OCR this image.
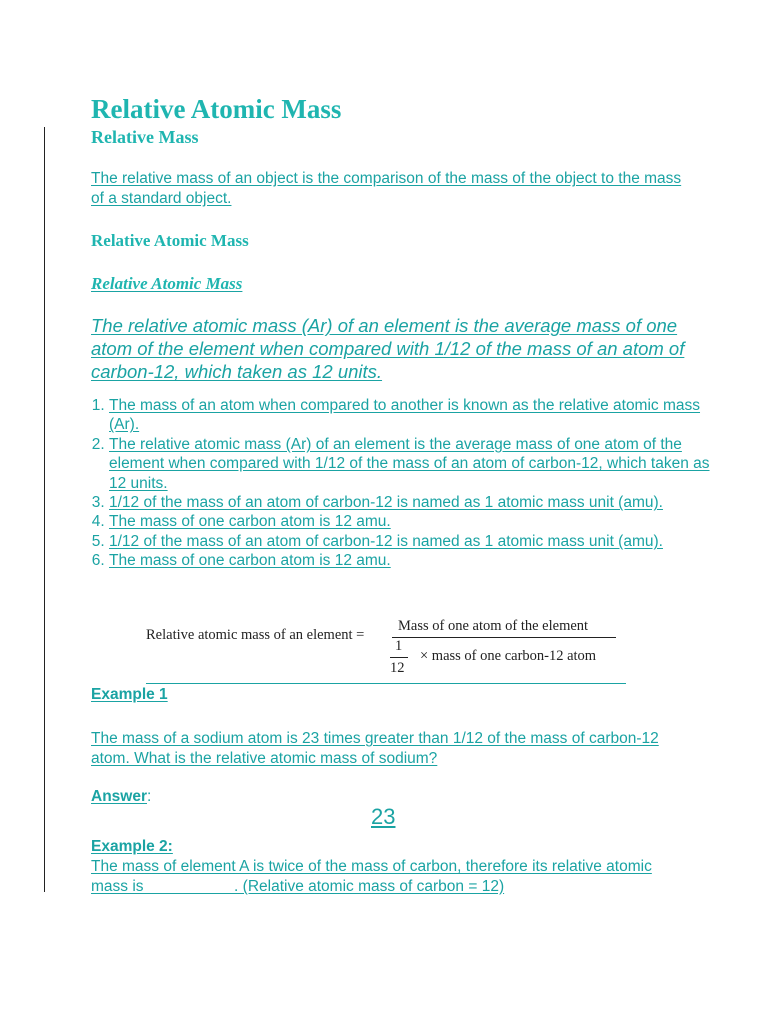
Relative Atomic Mass
Relative Mass
The relative mass of an object is the comparison of the mass of the object to the mass of a standard object.
Relative Atomic Mass
Relative Atomic Mass
The relative atomic mass (Ar) of an element is the average mass of one atom of the element when compared with 1/12 of the mass of an atom of carbon-12, which taken as 12 units.
1. The mass of an atom when compared to another is known as the relative atomic mass (Ar).
2. The relative atomic mass (Ar) of an element is the average mass of one atom of the element when compared with 1/12 of the mass of an atom of carbon-12, which taken as 12 units.
3. 1/12 of the mass of an atom of carbon-12 is named as 1 atomic mass unit (amu).
4. The mass of one carbon atom is 12 amu.
5. 1/12 of the mass of an atom of carbon-12 is named as 1 atomic mass unit (amu).
6. The mass of one carbon atom is 12 amu.
Relative atomic mass of an element =
Mass of one atom of the element
1
12
× mass of one carbon-12 atom
Example 1
The mass of a sodium atom is 23 times greater than 1/12 of the mass of carbon-12 atom. What is the relative atomic mass of sodium?
Answer:
23
Example 2:
The mass of element A is twice of the mass of carbon, therefore its relative atomic mass is __________. (Relative atomic mass of carbon = 12)
